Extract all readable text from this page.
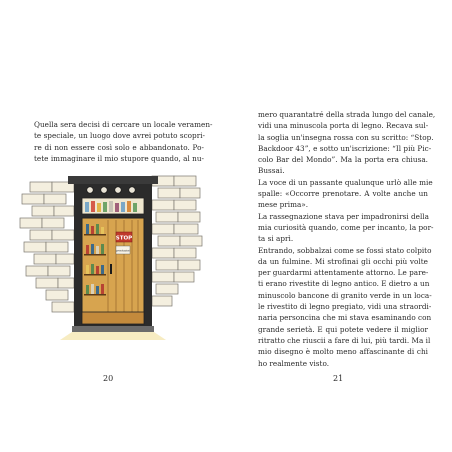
Quella sera decisi di cercare un locale veramen-
te speciale, un luogo dove avrei potuto scopri-
re di non essere così solo e abbandonato. Po-
tete immaginare il mio stupore quando, al nu-
STOP
prenotazioni
20
mero quarantatré della strada lungo del canale,
vidi una minuscola porta di legno. Recava sul-
la soglia un'insegna rossa con su scritto: “Stop.
Backdoor 43”, e sotto un'iscrizione: “Il più Pic-
colo Bar del Mondo”. Ma la porta era chiusa.
Bussai.
La voce di un passante qualunque urlò alle mie
spalle: «Occorre prenotare. A volte anche un
mese prima».
La rassegnazione stava per impadronirsi della
mia curiosità quando, come per incanto, la por-
ta si aprì.
Entrando, sobbalzai come se fossi stato colpito
da un fulmine. Mi strofinai gli occhi più volte
per guardarmi attentamente attorno. Le pare-
ti erano rivestite di legno antico. E dietro a un
minuscolo bancone di granito verde in un loca-
le rivestito di legno pregiato, vidi una straordi-
naria personcina che mi stava esaminando con
grande serietà. E qui potete vedere il miglior
ritratto che riuscii a fare di lui, più tardi. Ma il
mio disegno è molto meno affascinante di chi
ho realmente visto.
21
